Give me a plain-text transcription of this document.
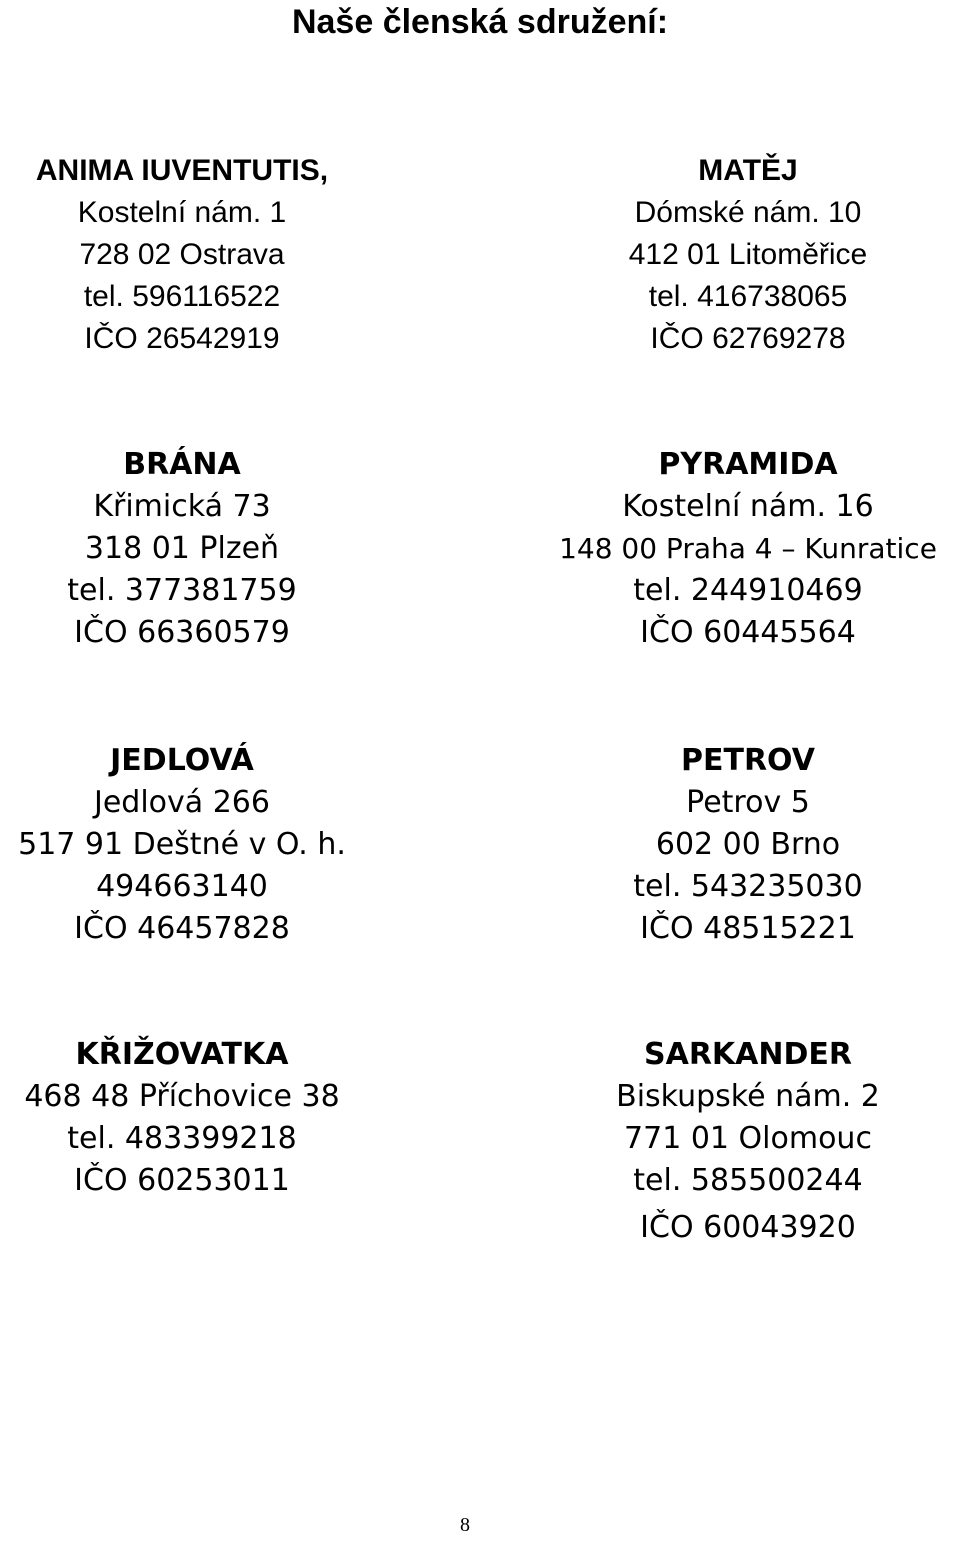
Naše členská sdružení:
ANIMA IUVENTUTIS,
Kostelní nám. 1
728 02 Ostrava
tel. 596116522
IČO 26542919
MATĚJ
Dómské nám. 10
412 01 Litoměřice
tel. 416738065
IČO 62769278
BRÁNA
Křimická 73
318 01 Plzeň
tel. 377381759
IČO 66360579
PYRAMIDA
Kostelní nám. 16
148 00 Praha 4 – Kunratice
tel. 244910469
IČO 60445564
JEDLOVÁ
Jedlová 266
517 91 Deštné v O. h.
494663140
IČO 46457828
PETROV
Petrov 5
602 00 Brno
tel. 543235030
IČO 48515221
KŘIŽOVATKA
468 48 Příchovice 38
tel. 483399218
IČO 60253011
SARKANDER
Biskupské nám. 2
771 01 Olomouc
tel. 585500244
IČO 60043920
8
